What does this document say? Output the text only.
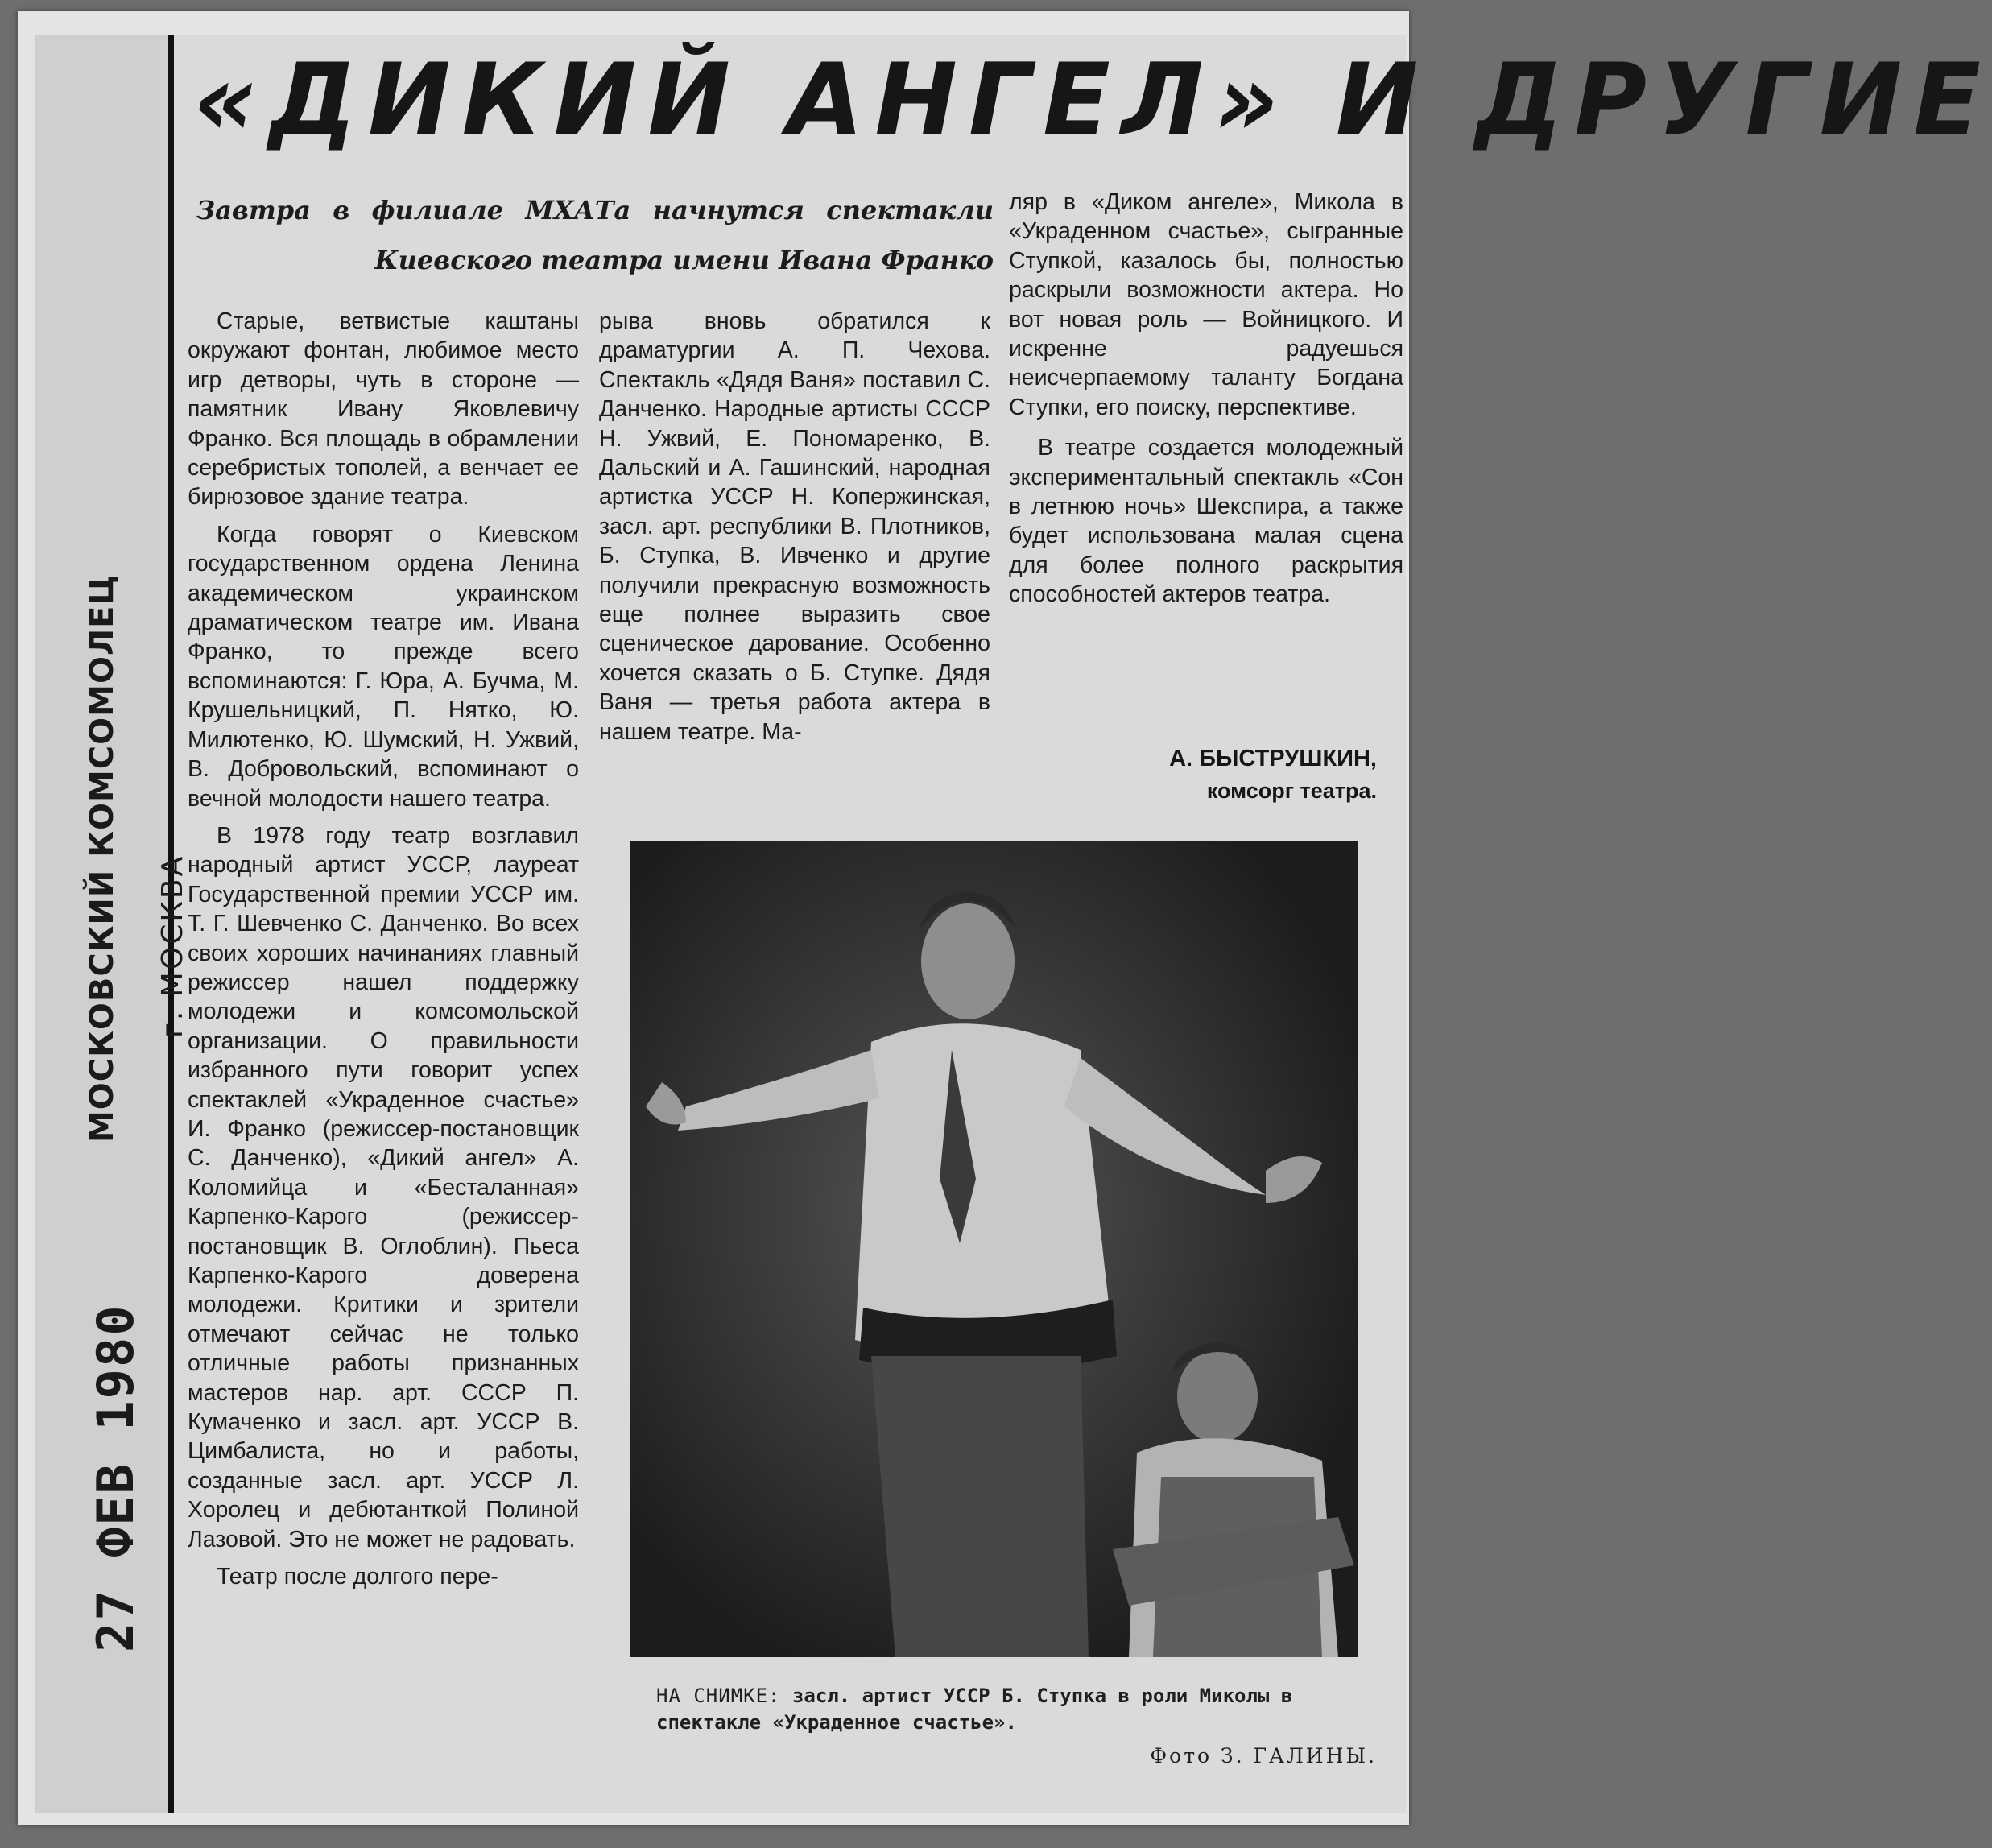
МОСКОВСКИЙ КОМСОМОЛЕЦ г. МОСКВА
27 ФЕВ 1980
«ДИКИЙ АНГЕЛ» И ДРУГИЕ
Завтра в филиале МХАТа начнутся спектакли Киевского театра имени Ивана Франко

Старые, ветвистые каштаны окружают фонтан, любимое место игр детворы, чуть в стороне — памятник Ивану Яковлевичу Франко. Вся площадь в обрамлении серебристых тополей, а венчает ее бирюзовое здание театра.

Когда говорят о Киевском государственном ордена Ленина академическом украинском драматическом театре им. Ивана Франко, то прежде всего вспоминаются: Г. Юра, А. Бучма, М. Крушельницкий, П. Нятко, Ю. Милютенко, Ю. Шумский, Н. Ужвий, В. Добровольский, вспоминают о вечной молодости нашего театра.

В 1978 году театр возглавил народный артист УССР, лауреат Государственной премии УССР им. Т. Г. Шевченко С. Данченко. Во всех своих хороших начинаниях главный режиссер нашел поддержку молодежи и комсомольской организации. О правильности избранного пути говорит успех спектаклей «Украденное счастье» И. Франко (режиссер-постановщик С. Данченко), «Дикий ангел» А. Коломийца и «Бесталанная» Карпенко-Карого (режиссер-постановщик В. Оглоблин). Пьеса Карпенко-Карого доверена молодежи. Критики и зрители отмечают сейчас не только отличные работы признанных мастеров нар. арт. СССР П. Кумаченко и засл. арт. УССР В. Цимбалиста, но и работы, созданные засл. арт. УССР Л. Хоролец и дебютанткой Полиной Лазовой. Это не может не радовать.

Театр после долгого пере-

рыва вновь обратился к драматургии А. П. Чехова. Спектакль «Дядя Ваня» поставил С. Данченко. Народные артисты СССР Н. Ужвий, Е. Пономаренко, В. Дальский и А. Гашинский, народная артистка УССР Н. Копержинская, засл. арт. республики В. Плотников, Б. Ступка, В. Ивченко и другие получили прекрасную возможность еще полнее выразить свое сценическое дарование. Особенно хочется сказать о Б. Ступке. Дядя Ваня — третья работа актера в нашем театре. Ма-

ляр в «Диком ангеле», Микола в «Украденном счастье», сыгранные Ступкой, казалось бы, полностью раскрыли возможности актера. Но вот новая роль — Войницкого. И искренне радуешься неисчерпаемому таланту Богдана Ступки, его поиску, перспективе.

В театре создается молодежный экспериментальный спектакль «Сон в летнюю ночь» Шекспира, а также будет использована малая сцена для более полного раскрытия способностей актеров театра.

А. БЫСТРУШКИН,
комсорг театра.
НА СНИМКЕ: засл. артист УССР Б. Ступка в роли Миколы в спектакле «Украденное счастье».
Фото З. ГАЛИНЫ.
